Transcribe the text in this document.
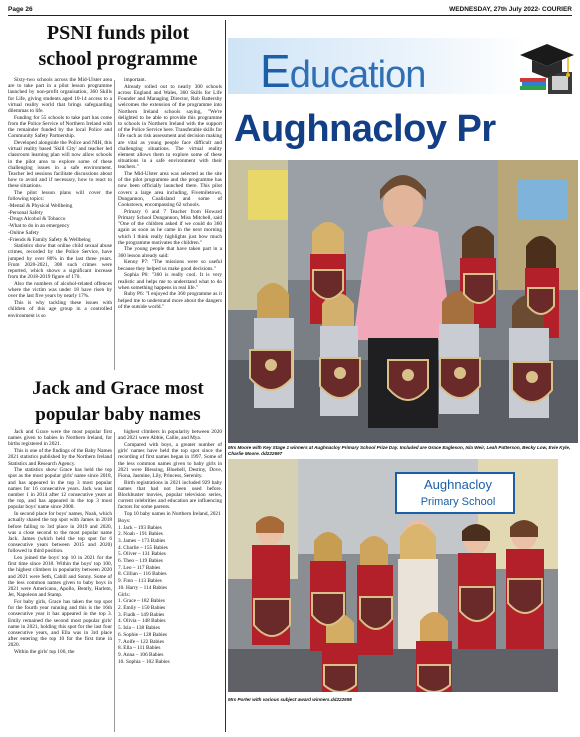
Page 26	WEDNESDAY, 27th July 2022- COURIER
PSNI funds pilot school programme

Sixty-two schools across the Mid-Ulster area are to take part in a pilot lesson programme launched by non-profit organisation, 360 Skills for Life, giving students aged 10-14 access to a virtual reality world that brings safeguarding dilemmas to life.

Funding for 55 schools to take part has come from the Police Service of Northern Ireland with the remainder funded by the local Police and Community Safety Partnership.

Developed alongside the Police and NIH, this virtual reality based 'Skill City' and teacher led classroom learning plan will now allow schools in the pilot area to explore some of these challenging issues in a safe environment. Teacher led sessions facilitate discussions about how to avoid and if necessary, how to react to these situations.

The pilot lesson plans will cover the following topics:

-Mental & Physical Wellbeing

-Personal Safety

-Drugs Alcohol & Tobacco

-What to do in an emergency

-Online Safety

-Friends & Family Safety & Wellbeing

Statistics show that online child sexual abuse crimes, recorded by the Police Service, have jumped by over 80% in the last three years. From 2020-2021, 308 such crimes were reported, which shows a significant increase from the 2018-2019 figure of 170.

Also the numbers of alcohol-related offences where the victim was under 18 have risen by over the last five years by nearly 17%.

This is why tackling these issues with children of this age group in a controlled environment is so

important.

Already rolled out to nearly 300 schools across England and Wales, 360 Skills for Life Founder and Managing Director, Rob Battersby welcomes the extension of the programme into Northern Ireland schools saying, "We're delighted to be able to provide this programme to schools in Northern Ireland with the support of the Police Service here. Transferable skills for life such as risk assessment and decision making are vital as young people face difficult and challenging situations. The virtual reality element allows them to explore some of these situations in a safe environment with their teachers."

The Mid-Ulster area was selected as the site of the pilot programme and the programme has now been officially launched there. This pilot covers a large area including, Fivemiletown, Dungannon, Coalisland and some of Cookstown, encompassing 62 schools.

Primary 6 and 7 Teacher from Howard Primary School Dungannon, Miss Mitchell, said "One of the children asked if we could do 360 again as soon as he came in the next morning which I think really highlights just how much the programme motivates the children."

The young people that have taken part in a 360 lesson already said:

Kenny P7: "The missions were so useful because they helped us make good decisions."

Sophia P6: "360 is really cool. It is very realistic and helps me to understand what to do when something happens in real life."

Ruby P6: "I enjoyed the 360 programme as it helped me to understand more about the dangers of the outside world."

Jack and Grace most popular baby names

Jack and Grace were the most popular first names given to babies in Northern Ireland, for births registered in 2021.

This is one of the findings of the Baby Names 2021 statistics published by the Northern Ireland Statistics and Research Agency.

The statistics show Grace has held the top spot as the most popular girls' name since 2018, and has appeared in the top 3 most popular names for 16 consecutive years. Jack was last number 1 in 2014 after 12 consecutive years at the top, and has appeared in the top 3 most popular boys' name since 2000.

In second place for boys' names, Noah, which actually shared the top spot with James in 2018 before falling to 3rd place in 2019 and 2020, was a close second to the most popular name Jack. James (which held the top spot for 6 consecutive years between 2015 and 2020) followed in third position.

Leo joined the boys' top 10 in 2021 for the first time since 2018. Within the boys' top 100, the highest climbers in popularity between 2020 and 2021 were Seth, Cahill and Sonny. Some of the less common names given to baby boys in 2021 were Americano, Apollo, Bently, Harlem, Jet, Napoleon and Stamp.

For baby girls, Grace has taken the top spot for the fourth year running and this is the 16th consecutive year it has appeared in the top 3. Emily remained the second most popular girls' name in 2021, holding this spot for the last four consecutive years, and Ella was in 3rd place after entering the top 10 for the first time in 2020.

Within the girls' top 100, the

highest climbers in popularity between 2020 and 2021 were Abbie, Callie, and Mya.

Compared with boys, a greater number of girls' names have held the top spot since the recording of first names began in 1997. Some of the less common names given to baby girls in 2021 were Blessing, Bluebell, Destiny, Dove, Fiona, Jasmine, Lily, Princess, Serenity.

Birth registrations in 2021 included 929 baby names that had not been used before. Blockbuster movies, popular television series, current celebrities and education are influencing factors for some parents.

Top 10 baby names in Northern Ireland, 2021

Boys:

1. Jack – 193 Babies

2. Noah - 191 Babies

3. James – 173 Babies

4. Charlie – 155 Babies

5. Oliver – 131 Babies

6. Theo – 119 Babies

7. Leo – 117 Babies

8. Cillian – 116 Babies

9. Finn – 113 Babies

10. Harry – 114 Babies

Girls:

1. Grace – 182 Babies

2. Emily – 150 Babies

3. Fiadh – 149 Babies

4. Olivia – 148 Babies

5. Isla – 138 Babies

6. Sophie – 128 Babies

7. Aoife – 122 Babies

8. Ella – 111 Babies

9. Anna – 106 Babies

10. Sophia – 102 Babies

Education
Aughnacloy Pr
Mrs Moore with Key Stage 1 winners at Aughnacloy Primary School Prize Day. Included are Grace Eagleson, Isla Weir, Leah Patterson, Becky Low, Evie Kyle, Charlie Moore. dd222697
Aughnacloy
Primary School
Mrs Porter with various subject award winners.dd222698
